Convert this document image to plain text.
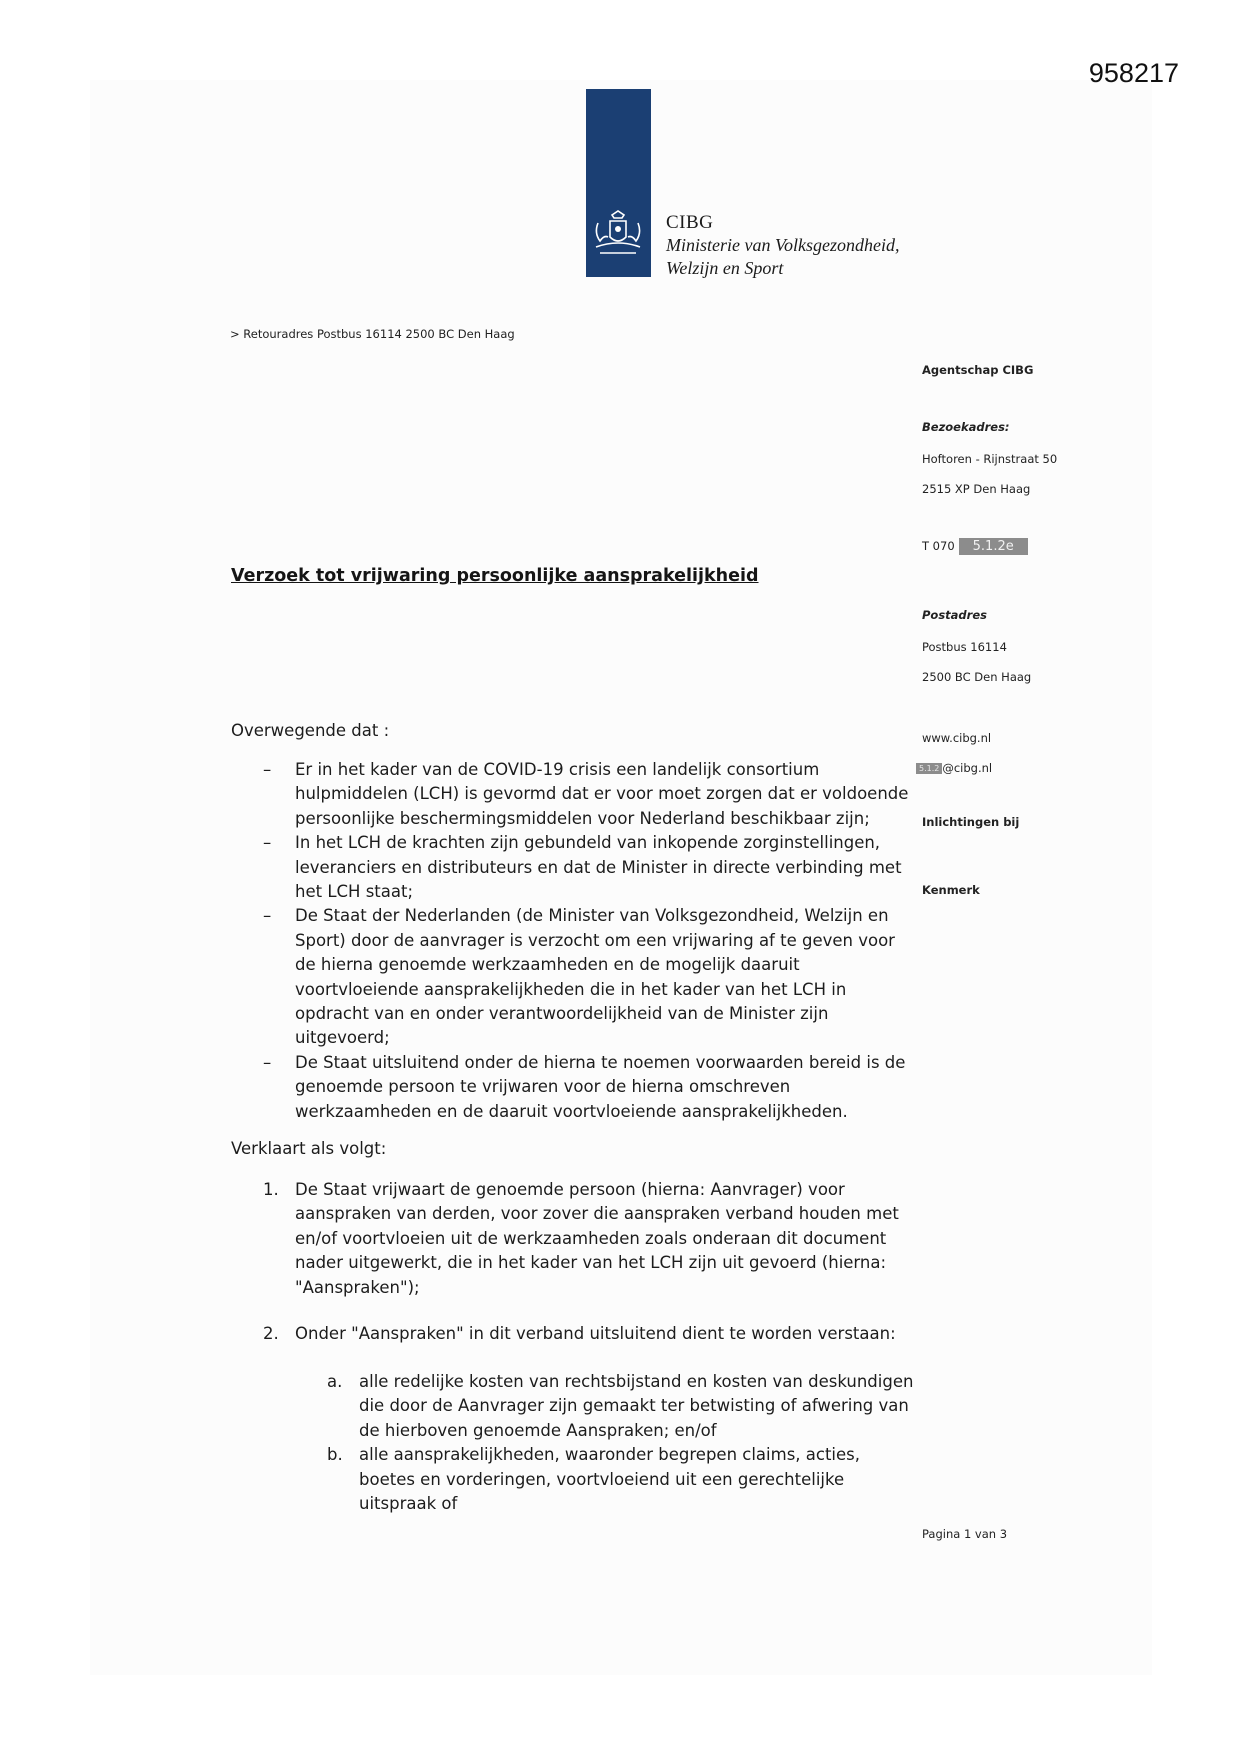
958217
CIBG
Ministerie van Volksgezondheid,
Welzijn en Sport
> Retouradres Postbus 16114 2500 BC Den Haag
Agentschap CIBG
Bezoekadres:
Hoftoren - Rijnstraat 50
2515 XP Den Haag
T 070 5.1.2e
Postadres
Postbus 16114
2500 BC Den Haag
www.cibg.nl
5.1.2 @cibg.nl
Inlichtingen bij
Kenmerk
Verzoek tot vrijwaring persoonlijke aansprakelijkheid
Overwegende dat :
– Er in het kader van de COVID-19 crisis een landelijk consortium hulpmiddelen (LCH) is gevormd dat er voor moet zorgen dat er voldoende persoonlijke beschermingsmiddelen voor Nederland beschikbaar zijn;
– In het LCH de krachten zijn gebundeld van inkopende zorginstellingen, leveranciers en distributeurs en dat de Minister in directe verbinding met het LCH staat;
– De Staat der Nederlanden (de Minister van Volksgezondheid, Welzijn en Sport) door de aanvrager is verzocht om een vrijwaring af te geven voor de hierna genoemde werkzaamheden en de mogelijk daaruit voortvloeiende aansprakelijkheden die in het kader van het LCH in opdracht van en onder verantwoordelijkheid van de Minister zijn uitgevoerd;
– De Staat uitsluitend onder de hierna te noemen voorwaarden bereid is de genoemde persoon te vrijwaren voor de hierna omschreven werkzaamheden en de daaruit voortvloeiende aansprakelijkheden.
Verklaart als volgt:
1. De Staat vrijwaart de genoemde persoon (hierna: Aanvrager) voor aanspraken van derden, voor zover die aanspraken verband houden met en/of voortvloeien uit de werkzaamheden zoals onderaan dit document nader uitgewerkt, die in het kader van het LCH zijn uit gevoerd (hierna: "Aanspraken");
2. Onder "Aanspraken" in dit verband uitsluitend dient te worden verstaan:
a. alle redelijke kosten van rechtsbijstand en kosten van deskundigen die door de Aanvrager zijn gemaakt ter betwisting of afwering van de hierboven genoemde Aanspraken; en/of
b. alle aansprakelijkheden, waaronder begrepen claims, acties, boetes en vorderingen, voortvloeiend uit een gerechtelijke uitspraak of
Pagina 1 van 3
